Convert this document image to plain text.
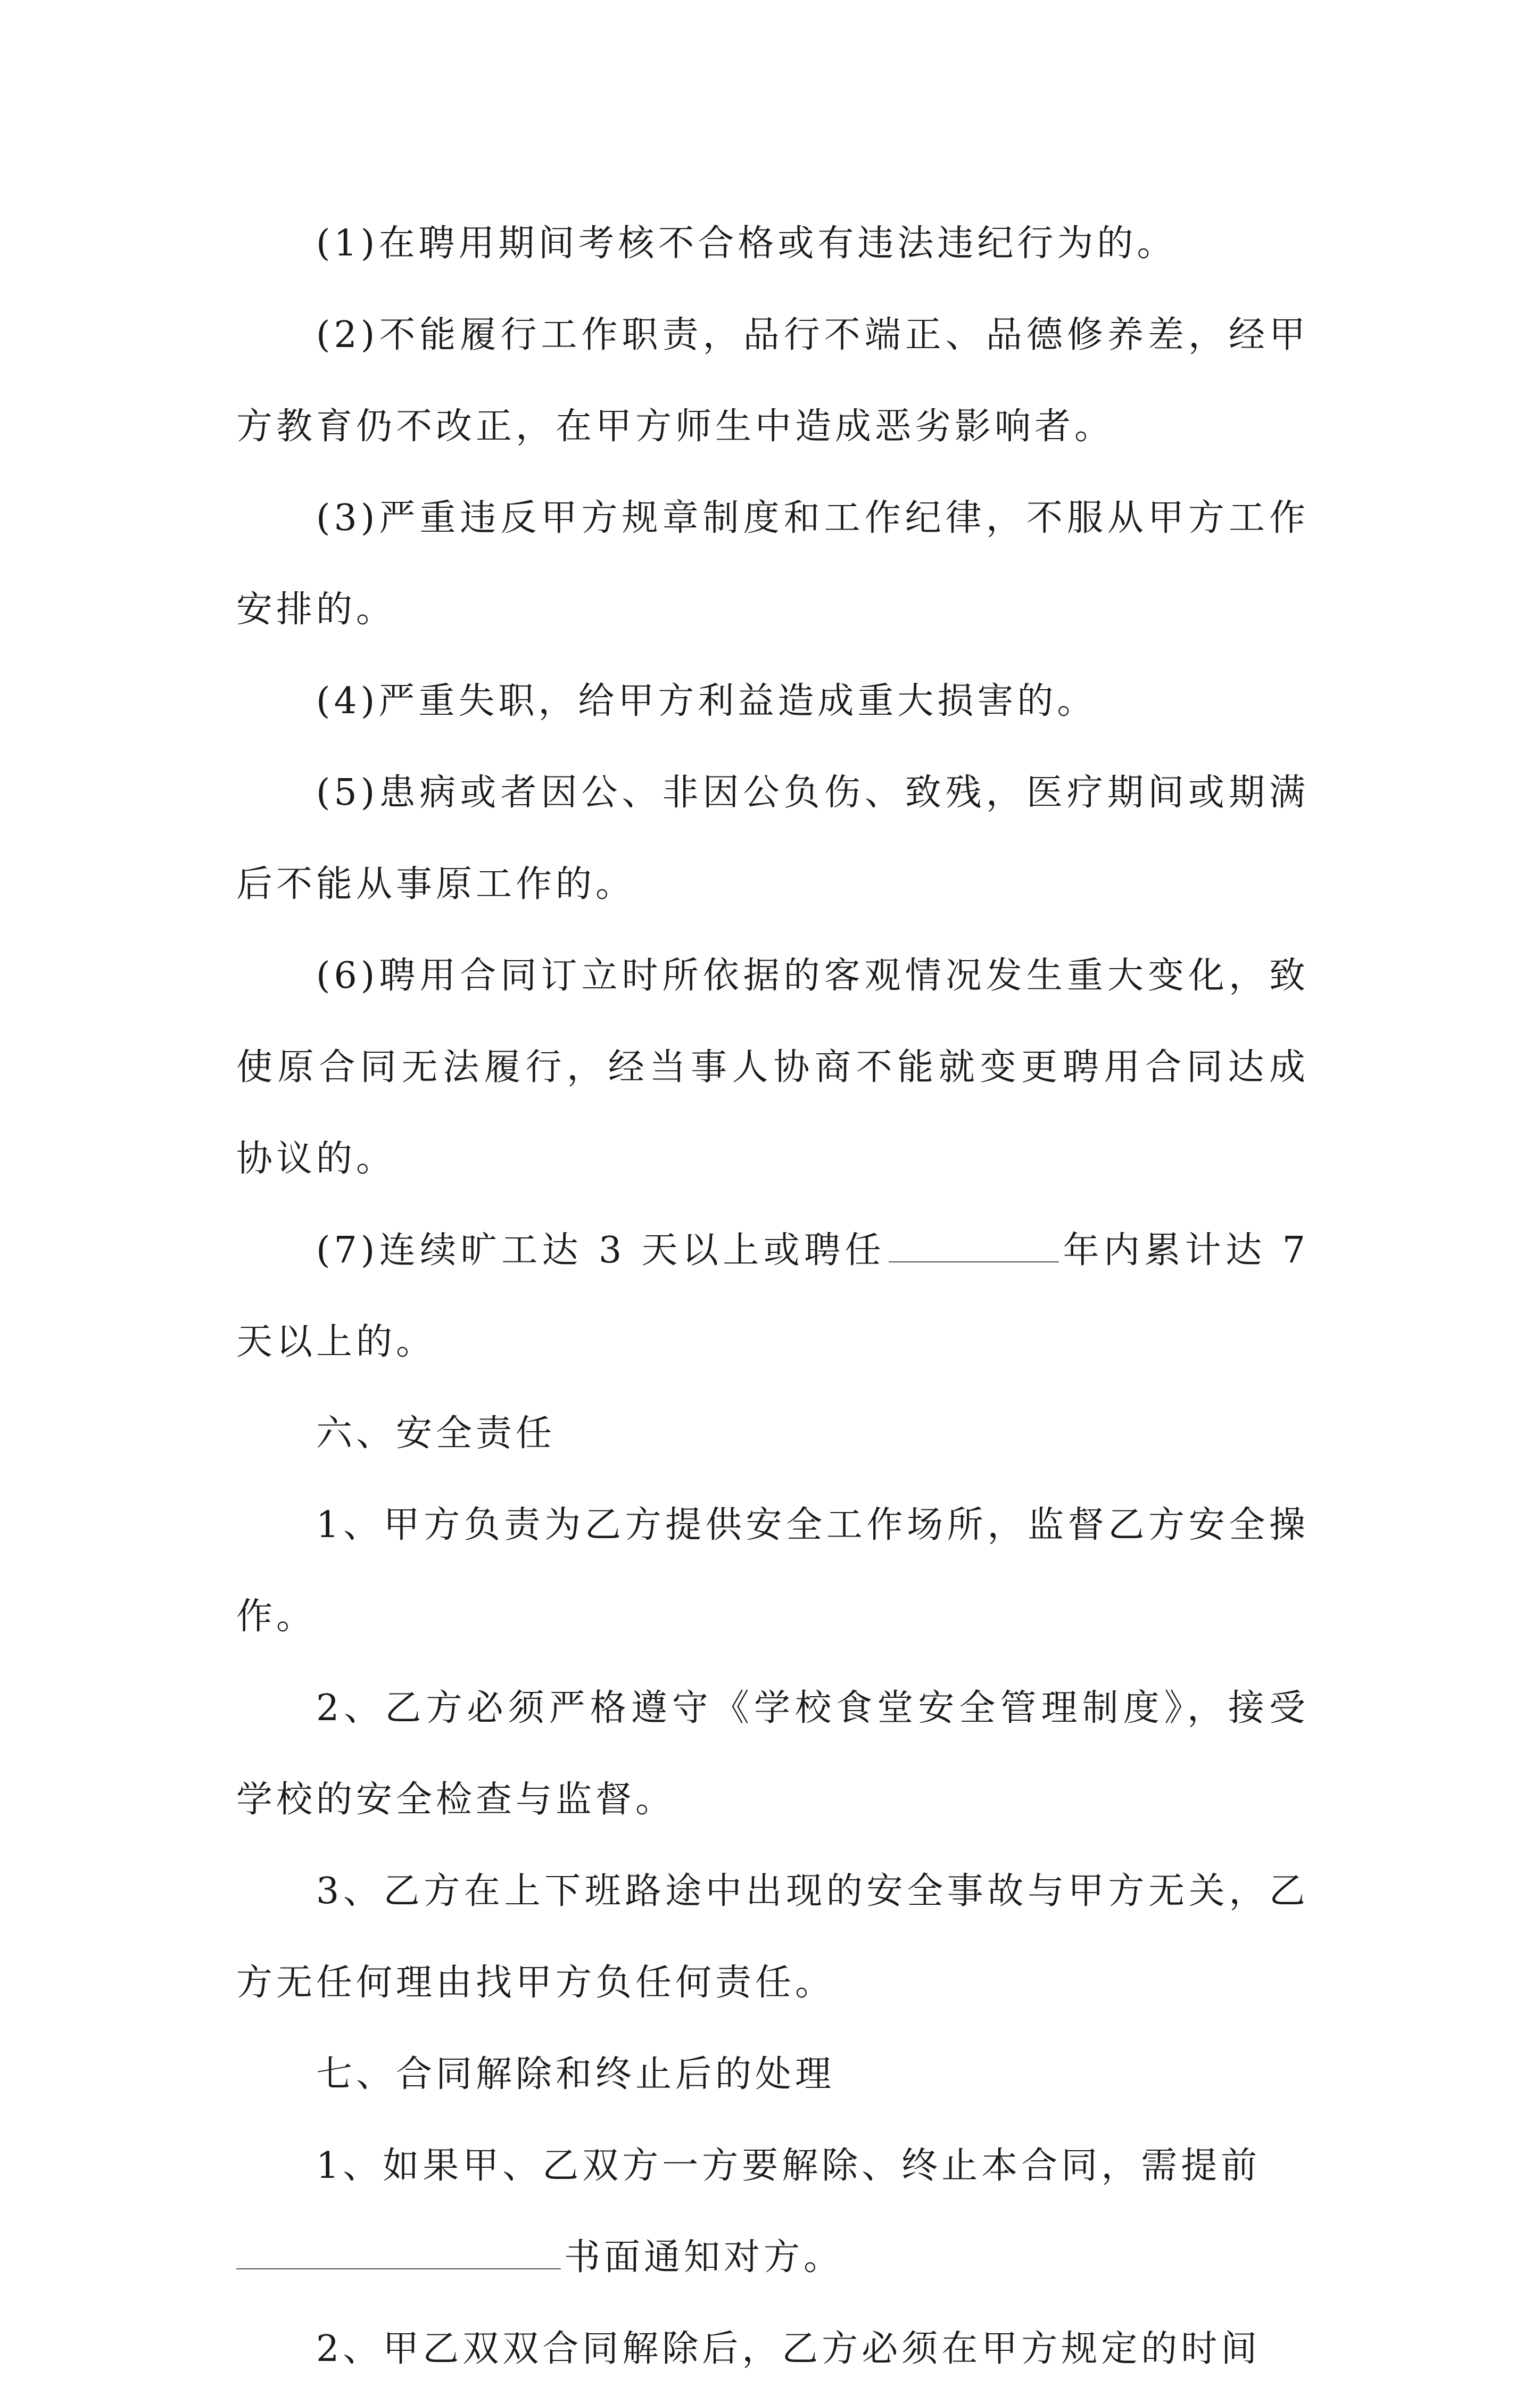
(1)在聘用期间考核不合格或有违法违纪行为的。

(2)不能履行工作职责，品行不端正、品德修养差，经甲方教育仍不改正，在甲方师生中造成恶劣影响者。

(3)严重违反甲方规章制度和工作纪律，不服从甲方工作安排的。

(4)严重失职，给甲方利益造成重大损害的。

(5)患病或者因公、非因公负伤、致残，医疗期间或期满后不能从事原工作的。

(6)聘用合同订立时所依据的客观情况发生重大变化，致使原合同无法履行，经当事人协商不能就变更聘用合同达成协议的。

(7)连续旷工达 3 天以上或聘任	年内累计达 7 天以上的。

六、安全责任

1、甲方负责为乙方提供安全工作场所，监督乙方安全操作。

2、乙方必须严格遵守《学校食堂安全管理制度》，接受学校的安全检查与监督。

3、乙方在上下班路途中出现的安全事故与甲方无关，乙方无任何理由找甲方负任何责任。

七、合同解除和终止后的处理

1、如果甲、乙双方一方要解除、终止本合同，需提前
书面通知对方。

2、甲乙双双合同解除后，乙方必须在甲方规定的时间
